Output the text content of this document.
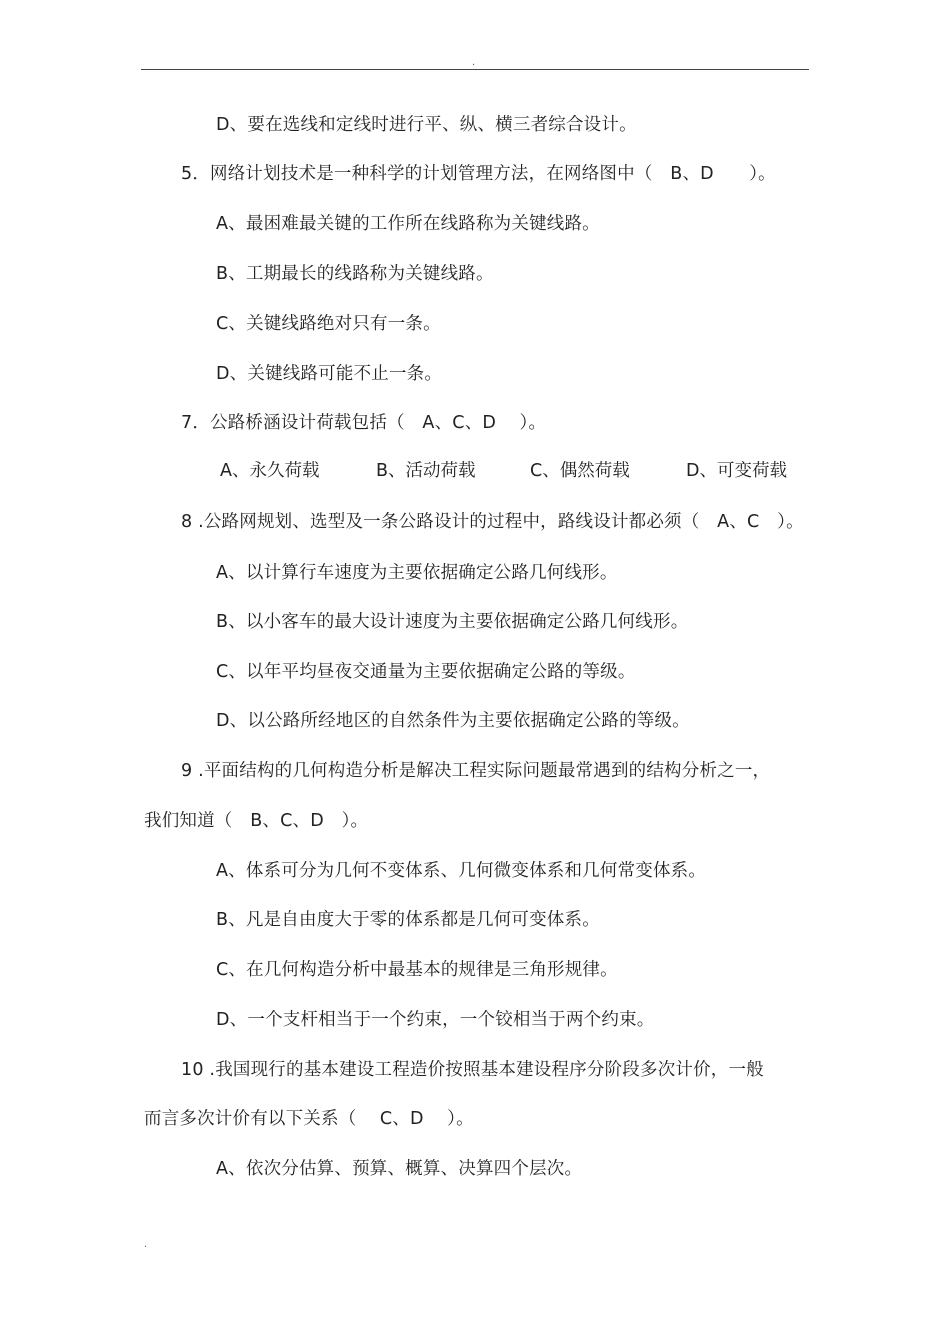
.
D、要在选线和定线时进行平、纵、横三者综合设计。
5．网络计划技术是一种科学的计划管理方法，在网络图中（　B、D　　）。
A、最困难最关键的工作所在线路称为关键线路。
B、工期最长的线路称为关键线路。
C、关键线路绝对只有一条。
D、关键线路可能不止一条。
7．公路桥涵设计荷载包括（　A、C、D　 ）。
A、永久荷载	B、活动荷载	C、偶然荷载	D、可变荷载
8 .公路网规划、选型及一条公路设计的过程中，路线设计都必须（　A、C　）。
A、以计算行车速度为主要依据确定公路几何线形。
B、以小客车的最大设计速度为主要依据确定公路几何线形。
C、以年平均昼夜交通量为主要依据确定公路的等级。
D、以公路所经地区的自然条件为主要依据确定公路的等级。
9 .平面结构的几何构造分析是解决工程实际问题最常遇到的结构分析之一，
我们知道（　B、C、D　）。
A、体系可分为几何不变体系、几何微变体系和几何常变体系。
B、凡是自由度大于零的体系都是几何可变体系。
C、在几何构造分析中最基本的规律是三角形规律。
D、一个支杆相当于一个约束，一个铰相当于两个约束。
10 .我国现行的基本建设工程造价按照基本建设程序分阶段多次计价，一般
而言多次计价有以下关系（　 C、D　 ）。
A、依次分估算、预算、概算、决算四个层次。
.
